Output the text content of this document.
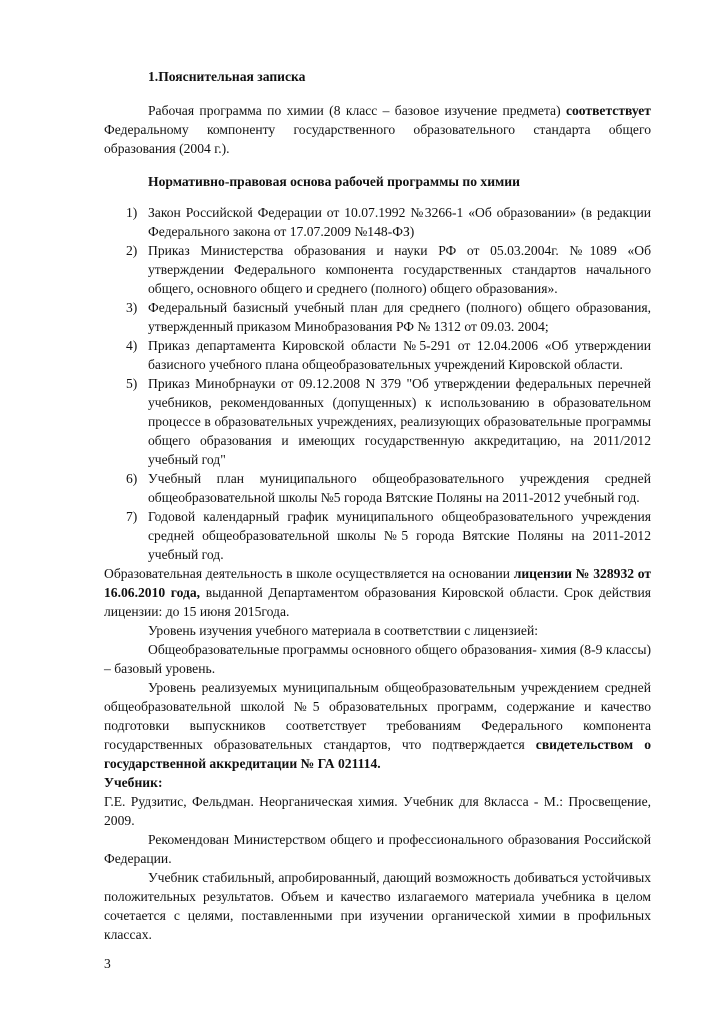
1.Пояснительная записка

Рабочая программа по химии (8 класс – базовое изучение предмета) соответствует Федеральному компоненту государственного образовательного стандарта общего образования (2004 г.).

Нормативно-правовая основа рабочей программы по химии
1) Закон Российской Федерации от 10.07.1992 №3266-1 «Об образовании» (в редакции Федерального закона от 17.07.2009 №148-ФЗ)
2) Приказ Министерства образования и науки РФ от 05.03.2004г. №1089 «Об утверждении Федерального компонента государственных стандартов начального общего, основного общего и среднего (полного) общего образования».
3) Федеральный базисный учебный план для среднего (полного) общего образования, утвержденный приказом Минобразования РФ № 1312 от 09.03. 2004;
4) Приказ департамента Кировской области №5-291 от 12.04.2006 «Об утверждении базисного учебного плана общеобразовательных учреждений Кировской области.
5) Приказ Минобрнауки от 09.12.2008 N 379 "Об утверждении федеральных перечней учебников, рекомендованных (допущенных) к использованию в образовательном процессе в образовательных учреждениях, реализующих образовательные программы общего образования и имеющих государственную аккредитацию, на 2011/2012 учебный год"
6) Учебный план муниципального общеобразовательного учреждения средней общеобразовательной школы №5 города Вятские Поляны на 2011-2012 учебный год.
7) Годовой календарный график муниципального общеобразовательного учреждения средней общеобразовательной школы №5 города Вятские Поляны на 2011-2012 учебный год.

Образовательная деятельность в школе осуществляется на основании лицензии № 328932 от 16.06.2010 года, выданной Департаментом образования Кировской области. Срок действия лицензии: до 15 июня 2015года.

Уровень изучения учебного материала в соответствии с лицензией:

Общеобразовательные программы основного общего образования- химия (8-9 классы) – базовый уровень.

Уровень реализуемых муниципальным общеобразовательным учреждением средней общеобразовательной школой №5 образовательных программ, содержание и качество подготовки выпускников соответствует требованиям Федерального компонента государственных образовательных стандартов, что подтверждается свидетельством о государственной аккредитации № ГА 021114.

Учебник:

Г.Е. Рудзитис, Фельдман. Неорганическая химия. Учебник для 8класса - М.: Просвещение, 2009.

Рекомендован Министерством общего и профессионального образования Российской Федерации.

Учебник стабильный, апробированный, дающий возможность добиваться устойчивых положительных результатов. Объем и качество излагаемого материала учебника в целом сочетается с целями, поставленными при изучении органической химии в профильных классах.

3
